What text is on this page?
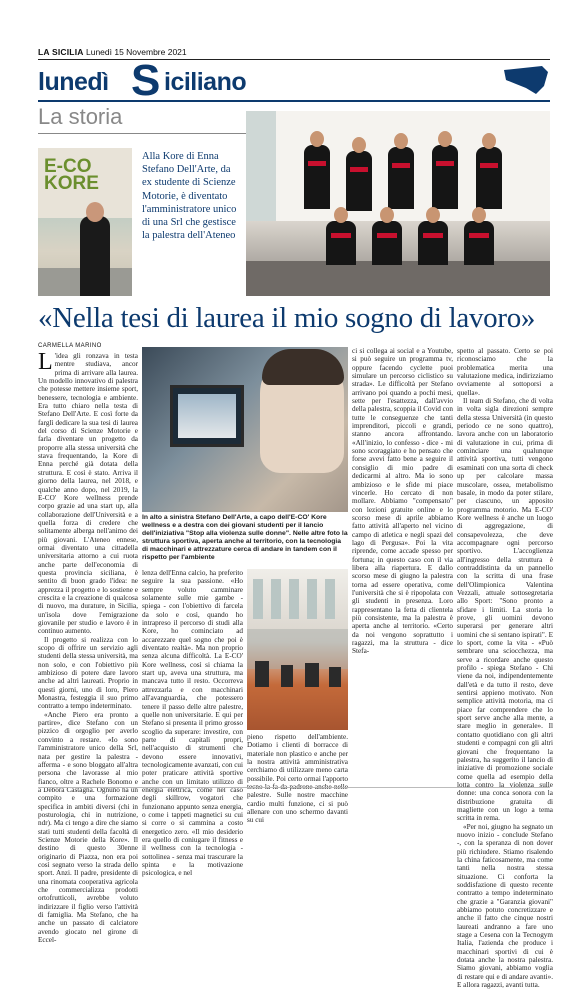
LA SICILIA Lunedì 15 Novembre 2021
lunedì S iciliano
La storia
E-CO KORE
Alla Kore di Enna Stefano Dell'Arte, da ex studente di Scienze Motorie, è diventato l'amministratore unico di una Srl che gestisce la palestra dell'Ateneo
«Nella tesi di laurea il mio sogno di lavoro»
CARMELLA MARINO

L 'idea gli ronzava in testa mentre studiava, ancor prima di arrivare alla laurea. Un modello innovativo di palestra che potesse mettere insieme sport, benessere, tecnologia e ambiente. Era tutto chiaro nella testa di Stefano Dell'Arte. E così forte da farglì dedicare la sua tesi di laurea del corso di Scienze Motorie e farla diventare un progetto da proporre alla stessa università che stava frequentando, la Kore di Enna perché già dotata della struttura. E così è stato. Arriva il giorno della laurea, nel 2018, e qualche anno dopo, nel 2019, la E-CO' Kore wellness prende corpo grazie ad una start up, alla collaborazione dell'Università e a quella forza di credere che solitamente alberga nell'animo dei più giovani. L'Ateneo ennese, ormai diventato una cittadella universitaria attorno a cui ruota anche parte dell'economia di questa provincia siciliana, è sentito di buon grado l'idea: ne apprezza il progetto e lo sostiene e crescita e la creazione di qualcosa di nuovo, ma durature, in Sicilia, un'isola dove l'emigrazione giovanile per studio e lavoro è in continuo aumento.

Il progetto si realizza con lo scopo di offrire un servizio agli studenti della stessa università, ma non solo, e con l'obiettivo più ambizioso di potere dare lavoro anche ad altri laureati. Proprio in questi giorni, uno di loro, Piero Monastra, festeggia il suo primo contratto a tempo indeterminato.

«Anche Piero era pronto a partire», dice Stefano con un pizzico di orgoglio per averlo convinto a restare. «Io sono l'amministratore unico della Srl, nata per gestire la palestra - afferma - e sono bloggato all'altra persona che lavorasse al mio fianco, oltre a Rachele Bonomo e a Debora Castagna. Ognuno ha un compito e una formazione specifica in ambiti diversi (chi in posturologia, chi in nutrizione, ndr). Ma ci tengo a dire che siamo stati tutti studenti della facoltà di Scienze Motorie della Kore». Il destino di questo 30enne originario di Piazza, non era poi così segnato verso la strada dello sport. Anzi. Il padre, presidente di una rinomata cooperativa agricola che commercializza prodotti ortofrutticoli, avrebbe voluto indirizzare il figlio verso l'attività di famiglia. Ma Stefano, che ha anche un passato di calciatore avendo giocato nel girone di Eccel-

In alto a sinistra Stefano Dell'Arte, a capo dell'E-CO' Kore wellness e a destra con dei giovani studenti per il lancio dell'iniziativa "Stop alla violenza sulle donne". Nelle altre foto la struttura sportiva, aperta anche al territorio, con la tecnologia di macchinari e attrezzature cerca di andare in tandem con il rispetto per l'ambiente

lenza dell'Enna calcio, ha preferito seguire la sua passione. «Ho sempre voluto camminare solamente sulle mie gambe - spiega - con l'obiettivo di farcela da solo e così, quando ho intrapreso il percorso di studi alla Kore, ho cominciato ad accarezzare quel sogno che poi è diventato realtà». Ma non proprio senza alcuna difficoltà. La E-CO' Kore wellness, così si chiama la start up, aveva una struttura, ma mancava tutto il resto. Occorreva attrezzarla e con macchinari all'avanguardia, che potessero tenere il passo delle altre palestre, quelle non universitarie. E qui per Stefano si presenta il primo grosso scoglio da superare: investire, con parte di capitali propri, nell'acquisto di strumenti che devono essere innovativi, tecnologicamente avanzati, con cui poter praticare attività sportive anche con un limitato utilizzo di energia elettrica, come nel caso degli skillrow, vogatori che funzionano appunto senza energia, o come i tappeti magnetici su cui si corre o si cammina a costo energetico zero. «Il mio desiderio era quello di coniugare il fitness e il wellness con la tecnologia - sottolinea - senza mai trascurare la spinta e la motivazione psicologica, e nel

pieno rispetto dell'ambiente. Dotiamo i clienti di borracce di materiale non plastico e anche per la nostra attività amministrativa cerchiamo di utilizzare meno carta possibile. Poi certo ormai l'apporto tecno la fa da padrone anche nelle palestre. Sulle nostre macchine cardio multi funzione, ci si può allenare con uno schermo davanti su cui

ci si collega ai social e a Youtube, si può seguire un programma tv, oppure facendo cyclette puoi simulare un percorso ciclistico su strada». Le difficoltà per Stefano arrivano poi quando a pochi mesi, sette per l'esattezza, dall'avvio della palestra, scoppia il Covid con tutte le conseguenze che tanti imprenditori, piccoli e grandi, stanno ancora affrontando. «All'inizio, lo confesso - dice - mi sono scoraggiato e ho pensato che forse avevi fatto bene a seguire il consiglio di mio padre di dedicarmi al altro. Ma io sono ambizioso e le sfide mi piace vincerle. Ho cercato di non mollare. Abbiamo "compensato" con lezioni gratuite online e lo scorso mese di aprile abbiamo fatto attività all'aperto nel vicino campo di atletica e negli spazi del lago di Pergusa». Poi la vita riprende, come accade spesso per fortuna; in questo caso con il via libera alla riapertura. E dallo scorso mese di giugno la palestra torna ad essere operativa, come l'università che si è ripopolata con gli studenti in presenza. Loro rappresentano la fetta di clientela più consistente, ma la palestra è aperta anche al territorio. «Certo da noi vengono soprattutto i ragazzi, ma la struttura - dice Stefa-

spetto al passato. Certo se poi riconosciamo che la problematica merita una valutazione medica, indirizziamo ovviamente al sottoporsi a quella».

Il team di Stefano, che di volta in volta sigla direzioni sempre della stessa Università (in questo periodo ce ne sono quattro), lavora anche con un laboratorio di valutazione in cui, prima di cominciare una qualunque attività sportiva, tutti vengono esaminati con una sorta di check up per calcolare massa muscolare, ossea, metabolismo basale, in modo da poter stilare, per ciascuno, un apposito programma motorio. Ma E-CO' Kore wellness è anche un luogo di aggregazione, di consapevolezza, che deve accompagnare ogni percorso sportivo. L'accoglienza all'ingresso della struttura è contraddistinta da un pannello con la scritta di una frase dell'Olimpionica Valentina Vezzali, attuale sottosegretaria allo Sport: "Sono pronto a sfidare i limiti. La storia lo prove, gli uomini devono superarsi per generare altri uomini che si sentano ispirati". E lo sport, come la vita - «Può sembrare una sciocchezza, ma serve a ricordare anche questo profilo - spiega Stefano - Chi viene da noi, indipendentemente dall'età e da tutto il resto, deve sentirsi appieno motivato. Non semplice attività motoria, ma ci piace far comprendere che lo sport serve anche alla mente, a stare meglio in generale». Il contatto quotidiano con gli altri studenti e compagni con gli altri giovani che frequentano la palestra, ha suggerito il lancio di iniziative di promozione sociale come quella ad esempio della lotta contro la violenza sulle donne: una conca sonora con la distribuzione gratuita di magliette con un logo a tema scritta in rema.

«Per noi, giugno ha segnato un nuovo inizio - conclude Stefano -, con la speranza di non dover più richiudere. Stiamo risalendo la china faticosamente, ma come tanti nella nostra stessa situazione. Ci conforta la soddisfazione di questo recente contratto a tempo indeterminato che grazie a "Garanzia giovani" abbiamo potuto concretizzare e anche il fatto che cinque nostri laureati andranno a fare uno stage a Cesena con la Tecnogym Italia, l'azienda che produce i macchinari sportivi di cui è dotata anche la nostra palestra. Siamo giovani, abbiamo voglia di restare qui e di andare avanti». E allora ragazzi, avanti tutta.
